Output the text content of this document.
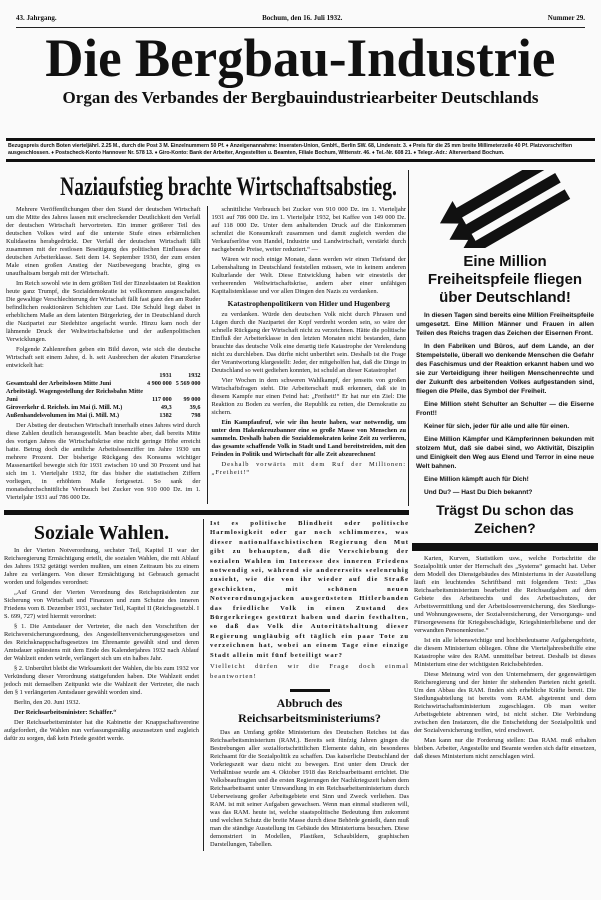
43. Jahrgang.	Bochum, den 16. Juli 1932.	Nummer 29.
Die Bergbau-Industrie
Organ des Verbandes der Bergbauindustriearbeiter Deutschlands
Bezugspreis durch Boten vierteljährl. 2.25 M., durch die Post 3 M. Einzelnummern 50 Pf. ♦ Anzeigenannahme: Inseraten-Union, GmbH., Berlin SW. 68, Lindenstr. 3. ♦ Preis für die 25 mm breite Millimeterzeile 40 Pf. Platzvorschriften ausgeschlossen. ♦ Postscheck-Konto Hannover Nr. 578 13. ♦ Giro-Konto: Bank der Arbeiter, Angestellten u. Beamten, Filiale Bochum, Wittenstr. 46. ♦ Tel.-Nr. 608 21. ♦ Telegr.-Adr.: Alterverband Bochum.
Naziaufstieg brachte Wirtschaftsabstieg.

Mehrere Veröffentlichungen über den Stand der deutschen Wirtschaft um die Mitte des Jahres lassen mit erschreckender Deutlichkeit den Verfall der deutschen Wirtschaft hervortreten. Ein immer größerer Teil des deutschen Volkes wird auf die unterste Stufe eines erbärmlichen Kulidaseins herabgedrückt. Der Verfall der deutschen Wirtschaft fällt zusammen mit der restlosen Beseitigung des politischen Einflusses der deutschen Arbeiterklasse. Seit dem 14. September 1930, der zum ersten Male einen großen Anstieg der Nazibewegung brachte, ging es unaufhaltsam bergab mit der Wirtschaft.

Im Reich sowohl wie in dem größten Teil der Einzelstaaten ist Reaktion heute ganz Trumpf, die Sozialdemokratie ist vollkommen ausgeschaltet. Die gewaltige Verschlechterung der Wirtschaft fällt fast ganz den am Ruder befindlichen reaktionären Schichten zur Last. Die Schuld liegt dabei in erheblichem Maße an dem latenten Bürgerkrieg, der in Deutschland durch die Nazipartei zur Siedehitze angefacht wurde. Hinzu kam noch der lähmende Druck der Weltwirtschaftskrise und der außenpolitischen Verwicklungen.

Folgende Zahlenreihen geben ein Bild davon, wie sich die deutsche Wirtschaft seit einem Jahre, d. h. seit Ausbrechen der akuten Finanzkrise entwickelt hat:

	1931	1932
Gesamtzahl der Arbeitslosen Mitte Juni	4 900 000	5 569 000
Arbeitstägl. Wagengestellung der Reichsbahn Mitte Juni	117 000	99 000
Giroverkehr d. Reichsb. im Mai (i. Mill. M.)	49,3	39,6
Außenhandelsvolumen im Mai (i. Mill. M.)	1382	798

Der Abstieg der deutschen Wirtschaft innerhalb eines Jahres wird durch diese Zahlen deutlich herausgestellt. Man beachte aber, daß bereits Mitte des vorigen Jahres die Wirtschaftskrise eine nicht geringe Höhe erreicht hatte. Betrug doch die amtliche Arbeitslosenziffer im Jahre 1930 um mehrere Prozent. Der bisherige Rückgang des Konsums wichtiger Massenartikel bewegte sich für 1931 zwischen 10 und 30 Prozent und hat sich im 1. Vierteljahr 1932, für das bisher die statistischen Ziffern vorliegen, in erhöhtem Maße fortgesetzt. So sank der monatsdurchschnittliche Verbrauch bei Zucker von 910 000 Dz. im 1. Vierteljahr 1931 auf 786 000 Dz.

schnittliche Verbrauch bei Zucker von 910 000 Dz. im 1. Vierteljahr 1931 auf 786 000 Dz. im 1. Vierteljahr 1932, bei Kaffee von 149 000 Dz. auf 118 000 Dz. Unter dem anhaltenden Druck auf die Einkommen schmilzt die Konsumkraft zusammen und damit zugleich werden die Verkaufserlöse von Handel, Industrie und Landwirtschaft, verstärkt durch nachgebende Preise, weiter reduziert.“ —

Wären wir noch einige Monate, dann werden wir einen Tiefstand der Lebenshaltung in Deutschland feststellen müssen, wie in keinem anderen Kulturlande der Welt. Diese Entwicklung haben wir einesteils der verheerenden Weltwirtschaftskrise, andern aber einer unfähigen Kapitalistenklasse und vor allen Dingen den Nazis zu verdanken.

Katastrophenpolitikern von Hitler und Hugenberg

zu verdanken. Würde den deutschen Volk nicht durch Phrasen und Lügen durch die Nazipartei der Kopf verdreht worden sein, so wäre der schnelle Rückgang der Wirtschaft nicht zu verzeichnen. Hätte die politische Einfluß der Arbeiterklasse in den letzten Monaten nicht bestanden, dann brauchte das deutsche Volk eine derartig tiefe Katastrophe der Verelendung nicht zu durchleben. Das dürfte nicht unberührt sein. Deshalb ist die Frage der Verantwortung klargestellt: Jeder, der mitgeholfen hat, daß die Dinge in Deutschland so weit gediehen konnten, ist schuld an dieser Katastrophe!

Vier Wochen in dem schweren Wahlkampf, der jenseits von großen Wirtschaftsfragen steht. Die Arbeiterschaft muß erkennen, daß sie in diesem Kampfe nur einen Feind hat: „Freiheit!“ Er hat nur ein Ziel: Die Reaktion zu Boden zu werfen, die Republik zu retten, die Demokratie zu sichern.

Ein Kampfaufruf, wie wir ihn heute haben, war notwendig, um unter dem Hakenkreuzbanner eine so große Masse von Menschen zu sammeln. Deshalb haben die Sozialdemokraten keine Zeit zu verlieren, das gesamte schaffende Volk in Stadt und Land bereitstreiden, mit den Feinden in Politik und Wirtschaft für alle Zeit abzurechnen!

Deshalb vorwärts mit dem Ruf der Millionen: „Freiheit!“

Soziale Wahlen.

In der Vierten Notverordnung, sechster Teil, Kapitel II war der Reichsregierung Ermächtigung erteilt, die sozialen Wahlen, die mit Ablauf des Jahres 1932 getätigt werden mußten, um einen Zeitraum bis zu einem Jahre zu verlängern. Von dieser Ermächtigung ist Gebrauch gemacht worden und folgendes verordnet:

„Auf Grund der Vierten Verordnung des Reichspräsidenten zur Sicherung von Wirtschaft und Finanzen und zum Schutze des inneren Friedens vom 8. Dezember 1931, sechster Teil, Kapitel II (Reichsgesetzbl. I S. 699, 727) wird hiermit verordnet:

§ 1. Die Amtsdauer der Vertreter, die nach den Vorschriften der Reichsversicherungsordnung, des Angestelltenversicherungsgesetzes und des Reichsknappschaftsgesetzes im Ehrenamte gewählt sind und deren Amtsdauer spätestens mit dem Ende des Kalenderjahres 1932 nach Ablauf der Wahlzeit enden würde, verlängert sich um ein halbes Jahr.

§ 2. Unberührt bleibt die Wirksamkeit der Wahlen, die bis zum 1932 vor Verkündung dieser Verordnung stattgefunden haben. Die Wahlzeit endet jedoch mit demselben Zeitpunkt wie die Wahlzeit der Vertreter, die nach den § 1 verlängerten Amtsdauer gewählt worden sind.

Berlin, den 20. Juni 1932.

Der Reichsarbeitsminister: Schäffer.“

Der Reichsarbeitsminister hat die Kabinette der Knappschaftsvereine aufgefordert, die Wahlen nun verfassungsmäßig auszusetzen und zugleich dafür zu sorgen, daß kein Friede gestört werde.

Ist es politische Blindheit oder politische Harmlosigkeit oder gar noch schlimmeres, was dieser nationalfaschistischen Regierung den Mut gibt zu behaupten, daß die Verschiebung der sozialen Wahlen im Interesse des inneren Friedens notwendig sei, während sie andererseits seelenruhig zusieht, wie die von ihr wieder auf die Straße geschickten, mit schönen neuen Notverordnungsjacken ausgerüsteten Hitlerbanden das friedliche Volk in einen Zustand des Bürgerkrieges gestürzt haben und darin festhalten, so daß das Volk die Autoritätshaltung dieser Regierung ungläubig oft täglich ein paar Tote zu verzeichnen hat, wobei an einem Tage eine einzige Stadt allein mit fünf beteiligt war?
Vielleicht dürfen wir die Frage doch einmal beantworten!
Abbruch des Reichsarbeitsministeriums?

Das an Umfang größte Ministerium des Deutschen Reiches ist das Reichsarbeitsministerium (RAM.). Bereits seit fünfzig Jahren gingen die Bestrebungen aller sozialfortschrittlichen Elemente dahin, ein besonderes Reichsamt für die Sozialpolitik zu schaffen. Das kaiserliche Deutschland der Vorkriegszeit war dazu nicht zu bewegen. Erst unter dem Druck der Verhältnisse wurde am 4. Oktober 1918 das Reichsarbeitsamt errichtet. Die Volksbeauftragten und die ersten Regierungen der Nachkriegszeit haben dem Reichsarbeitsamt unter Umwandlung in ein Reichsarbeitsministerium durch Ueberweisung großer Arbeitsgebiete erst Sinn und Zweck verliehen. Das RAM. ist mit seiner Aufgaben gewachsen. Wenn man einmal studieren will, was das RAM. heute ist, welche staatspolitische Bedeutung ihm zukommt und welchen Schutz die breite Masse durch diese Behörde genießt, dann muß man die ständige Ausstellung im Gebäude des Ministeriums besuchen. Diese demonstriert in Modellen, Plastiken, Schaubildern, graphischen Darstellungen, Tabellen.

Eine Million Freiheitspfeile fliegen über Deutschland!

In diesen Tagen sind bereits eine Million Freiheitspfeile umgesetzt. Eine Million Männer und Frauen in allen Teilen des Reichs tragen das Zeichen der Eisernen Front.

In den Fabriken und Büros, auf dem Lande, an der Stempelstelle, überall wo denkende Menschen die Gefahr des Faschismus und der Reaktion erkannt haben und wo sie zur Verteidigung ihrer heiligen Menschenrechte und der Zukunft des arbeitenden Volkes aufgestanden sind, fliegen die Pfeile, das Symbol der Freiheit.

Eine Million steht Schulter an Schulter — die Eiserne Front!!

Keiner für sich, jeder für alle und alle für einen.

Eine Million Kämpfer und Kämpferinnen bekunden mit stolzem Mut, daß sie dabei sind, wo Aktivität, Disziplin und Einigkeit den Weg aus Elend und Terror in eine neue Welt bahnen.

Eine Million kämpft auch für Dich!

Und Du? — Hast Du Dich bekannt?

Trägst Du schon das Zeichen?

Karten, Kurven, Statistiken usw., welche Fortschritte die Sozialpolitik unter der Herrschaft des „Systems“ gemacht hat. Ueber dem Modell des Dienstgebäudes des Ministeriums in der Ausstellung läuft ein leuchtendes Schriftband mit folgendem Text: „Das Reichsarbeitsministerium bearbeitet die Reichsaufgaben auf dem Gebiete des Arbeitsrechts und des Arbeitsschutzes, der Arbeitsvermittlung und der Arbeitslosenversicherung, des Siedlungs- und Wohnungswesens, der Sozialversicherung, der Versorgungs- und Fürsorgewesens für Kriegsbeschädigte, Kriegshinterbliebene und der verwandten Personenkreise.“

Ist ein alle lebenswichtige und hochbedeutsame Aufgabengebiete, die diesem Ministerium obliegen. Ohne die Vierteljahresbeihilfe eine Katastrophe wäre des RAM. unmittelbar betreut. Deshalb ist dieses Ministerium eine der wichtigsten Reichsbehörden.

Diese Meinung wird von den Unternehmern, der gegenwärtigen Reichsregierung und der hinter ihr stehenden Parteien nicht geteilt. Um den Abbau des RAM. finden sich erhebliche Kräfte bereit. Die Siedlungsabteilung ist bereits vom RAM. abgetrennt und dem Reichswirtschaftsministerium zugeschlagen. Ob man weiter Arbeitsgebiete abtrennen wird, ist nicht sicher. Die Verbindung zwischen den Instanzen, die die Entscheidung der Sozialpolitik und der Sozialversicherung treffen, wird erschwert.

Man kann nur die Forderung stellen: Das RAM. muß erhalten bleiben. Arbeiter, Angestellte und Beamte werden sich dafür einsetzen, daß dieses Ministerium nicht zerschlagen wird.
